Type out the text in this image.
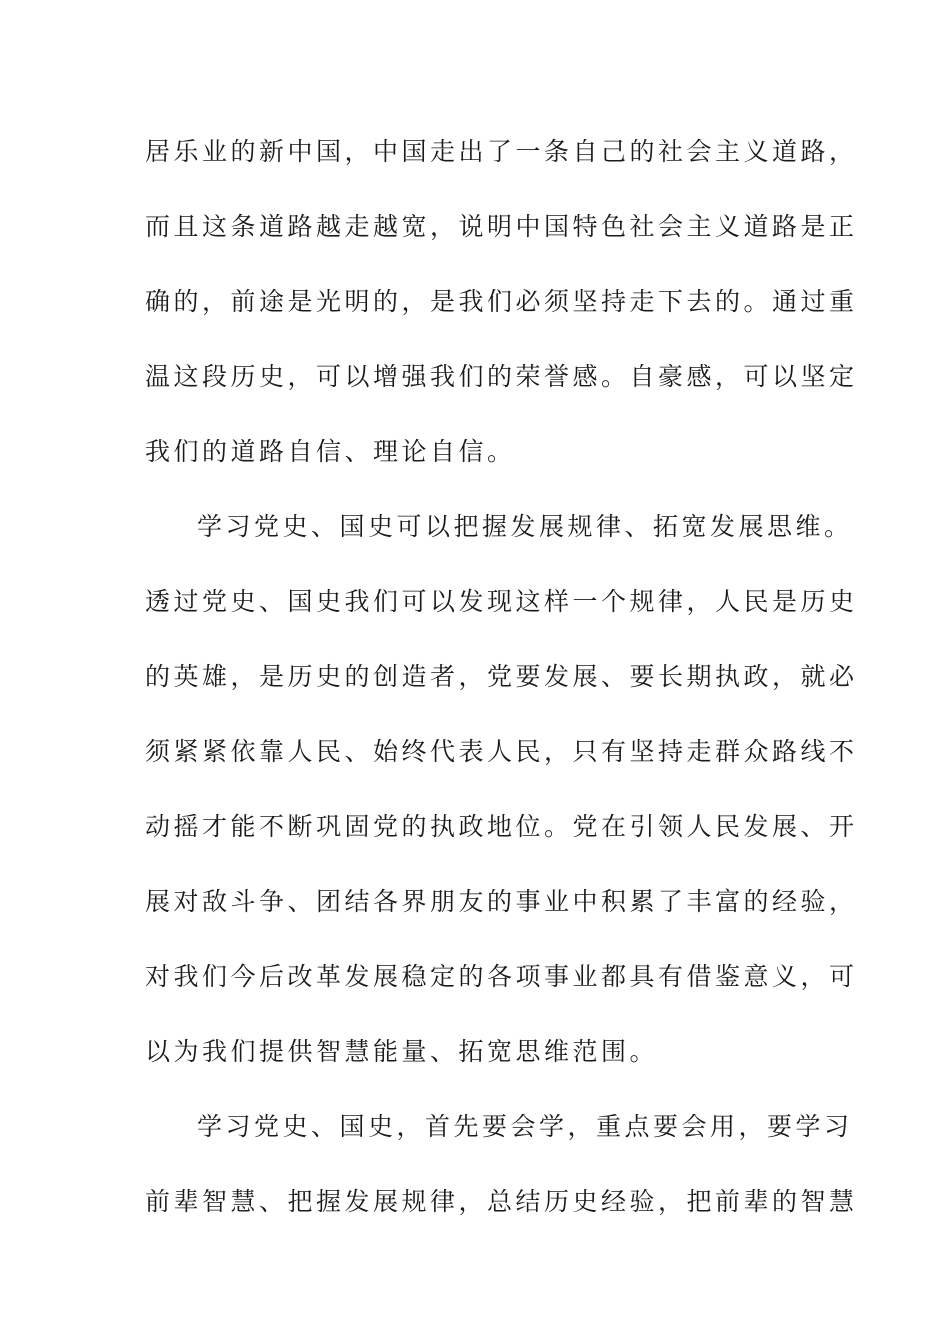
居乐业的新中国，中国走出了一条自己的社会主义道路，
而且这条道路越走越宽，说明中国特色社会主义道路是正
确的，前途是光明的，是我们必须坚持走下去的。通过重
温这段历史，可以增强我们的荣誉感。自豪感，可以坚定
我们的道路自信、理论自信。
学习党史、国史可以把握发展规律、拓宽发展思维。
透过党史、国史我们可以发现这样一个规律，人民是历史
的英雄，是历史的创造者，党要发展、要长期执政，就必
须紧紧依靠人民、始终代表人民，只有坚持走群众路线不
动摇才能不断巩固党的执政地位。党在引领人民发展、开
展对敌斗争、团结各界朋友的事业中积累了丰富的经验，
对我们今后改革发展稳定的各项事业都具有借鉴意义，可
以为我们提供智慧能量、拓宽思维范围。
学习党史、国史，首先要会学，重点要会用，要学习
前辈智慧、把握发展规律，总结历史经验，把前辈的智慧
